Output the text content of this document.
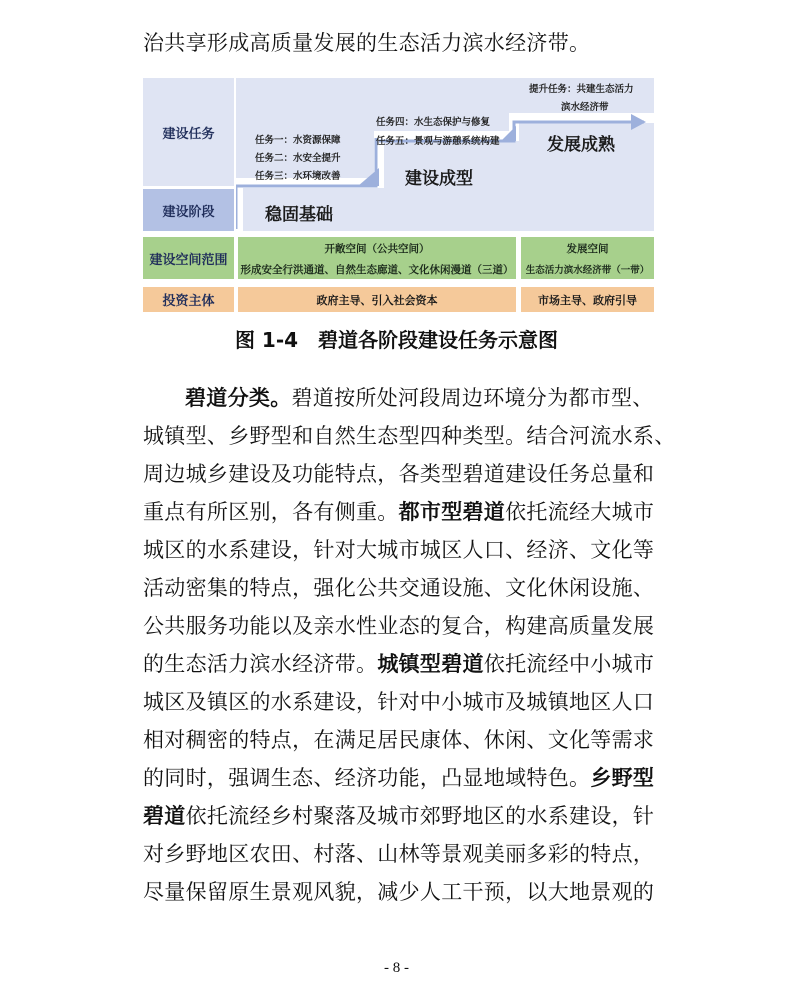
治共享形成高质量发展的生态活力滨水经济带。
建设任务
建设阶段
建设空间范围
投资主体
任务一：水资源保障
任务二：水安全提升
任务三：水环境改善
稳固基础
任务四：水生态保护与修复
任务五：景观与游憩系统构建
建设成型
提升任务：共建生态活力
滨水经济带
发展成熟
开敞空间（公共空间）
形成安全行洪通道、自然生态廊道、文化休闲漫道（三道）
发展空间
生态活力滨水经济带（一带）
政府主导、引入社会资本	市场主导、政府引导
图 1-4　碧道各阶段建设任务示意图
碧道分类。碧道按所处河段周边环境分为都市型、
城镇型、乡野型和自然生态型四种类型。结合河流水系、
周边城乡建设及功能特点，各类型碧道建设任务总量和
重点有所区别，各有侧重。都市型碧道依托流经大城市
城区的水系建设，针对大城市城区人口、经济、文化等
活动密集的特点，强化公共交通设施、文化休闲设施、
公共服务功能以及亲水性业态的复合，构建高质量发展
的生态活力滨水经济带。城镇型碧道依托流经中小城市
城区及镇区的水系建设，针对中小城市及城镇地区人口
相对稠密的特点，在满足居民康体、休闲、文化等需求
的同时，强调生态、经济功能，凸显地域特色。乡野型
碧道依托流经乡村聚落及城市郊野地区的水系建设，针
对乡野地区农田、村落、山林等景观美丽多彩的特点，
尽量保留原生景观风貌，减少人工干预，以大地景观的
- 8 -
